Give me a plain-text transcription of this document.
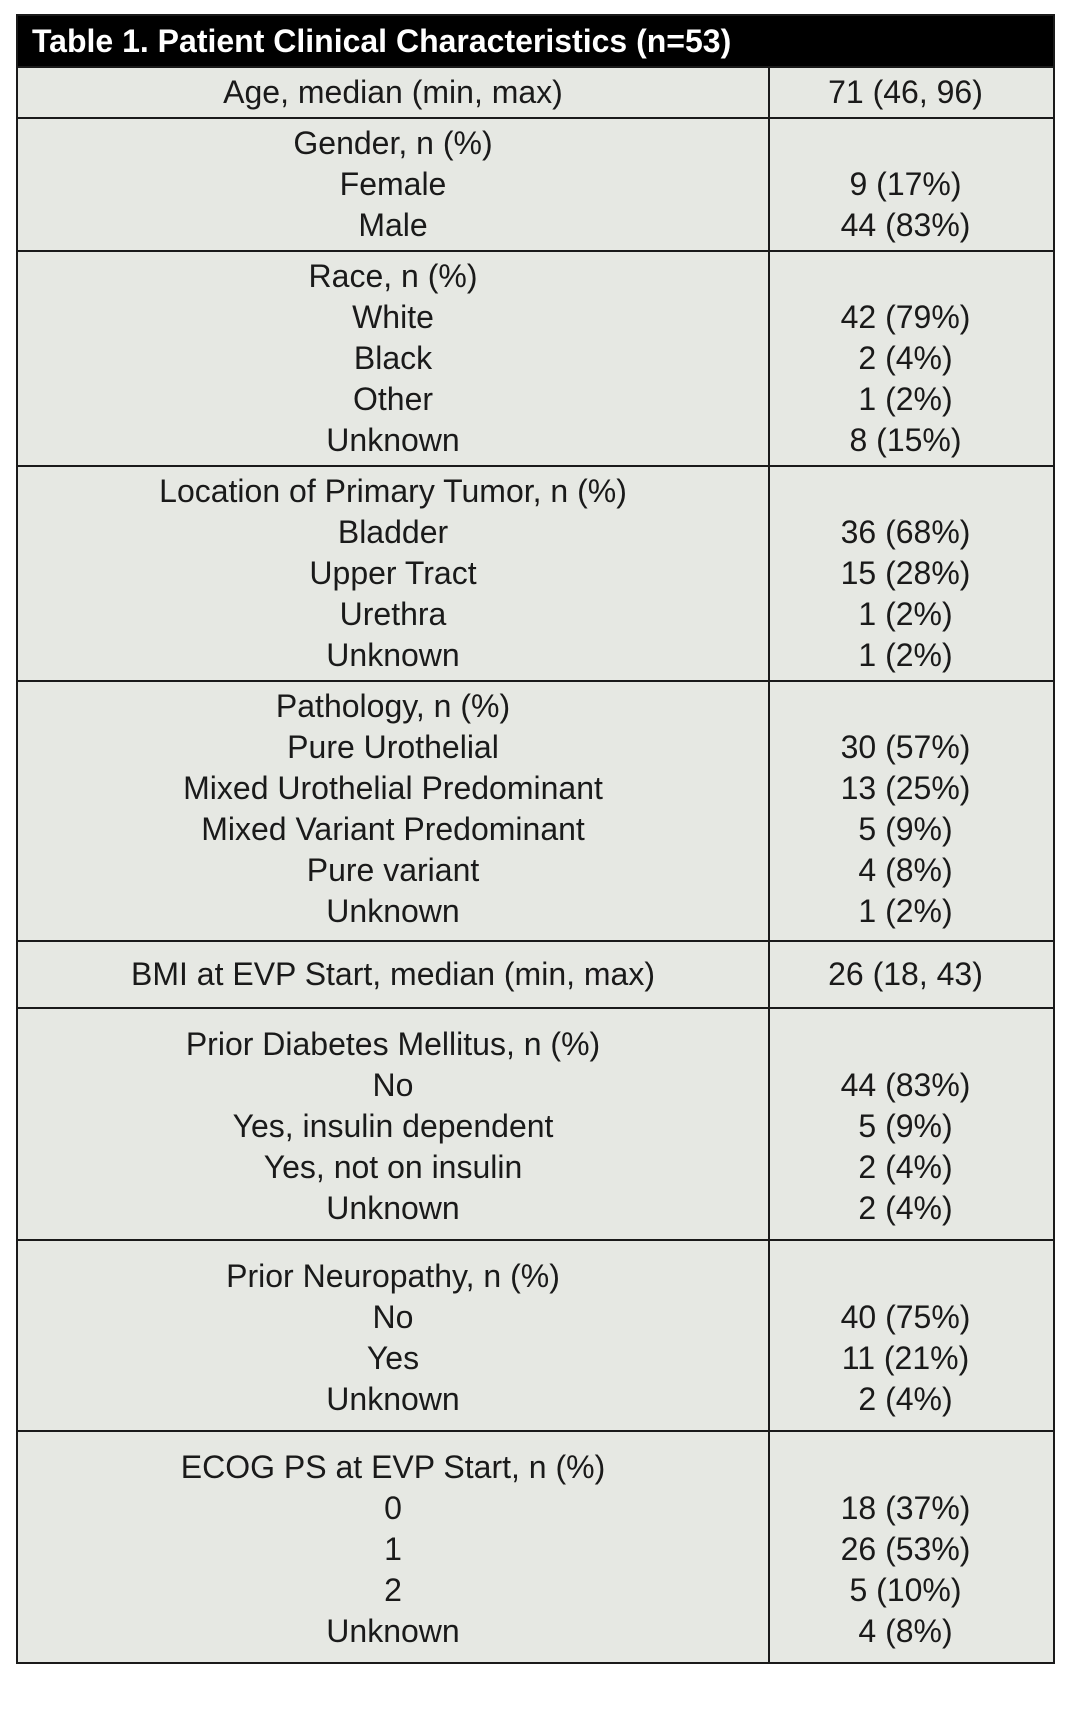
Table 1. Patient Clinical Characteristics (n=53)
Age, median (min, max)	71 (46, 96)
Gender, n (%)
Female
Male
9 (17%)
44 (83%)
Race, n (%)
White
Black
Other
Unknown
42 (79%)
2 (4%)
1 (2%)
8 (15%)
Location of Primary Tumor, n (%)
Bladder
Upper Tract
Urethra
Unknown
36 (68%)
15 (28%)
1 (2%)
1 (2%)
Pathology, n (%)
Pure Urothelial
Mixed Urothelial Predominant
Mixed Variant Predominant
Pure variant
Unknown
30 (57%)
13 (25%)
5 (9%)
4 (8%)
1 (2%)
BMI at EVP Start, median (min, max)	26 (18, 43)
Prior Diabetes Mellitus, n (%)
No
Yes, insulin dependent
Yes, not on insulin
Unknown
44 (83%)
5 (9%)
2 (4%)
2 (4%)
Prior Neuropathy, n (%)
No
Yes
Unknown
40 (75%)
11 (21%)
2 (4%)
ECOG PS at EVP Start, n (%)
0
1
2
Unknown
18 (37%)
26 (53%)
5 (10%)
4 (8%)
